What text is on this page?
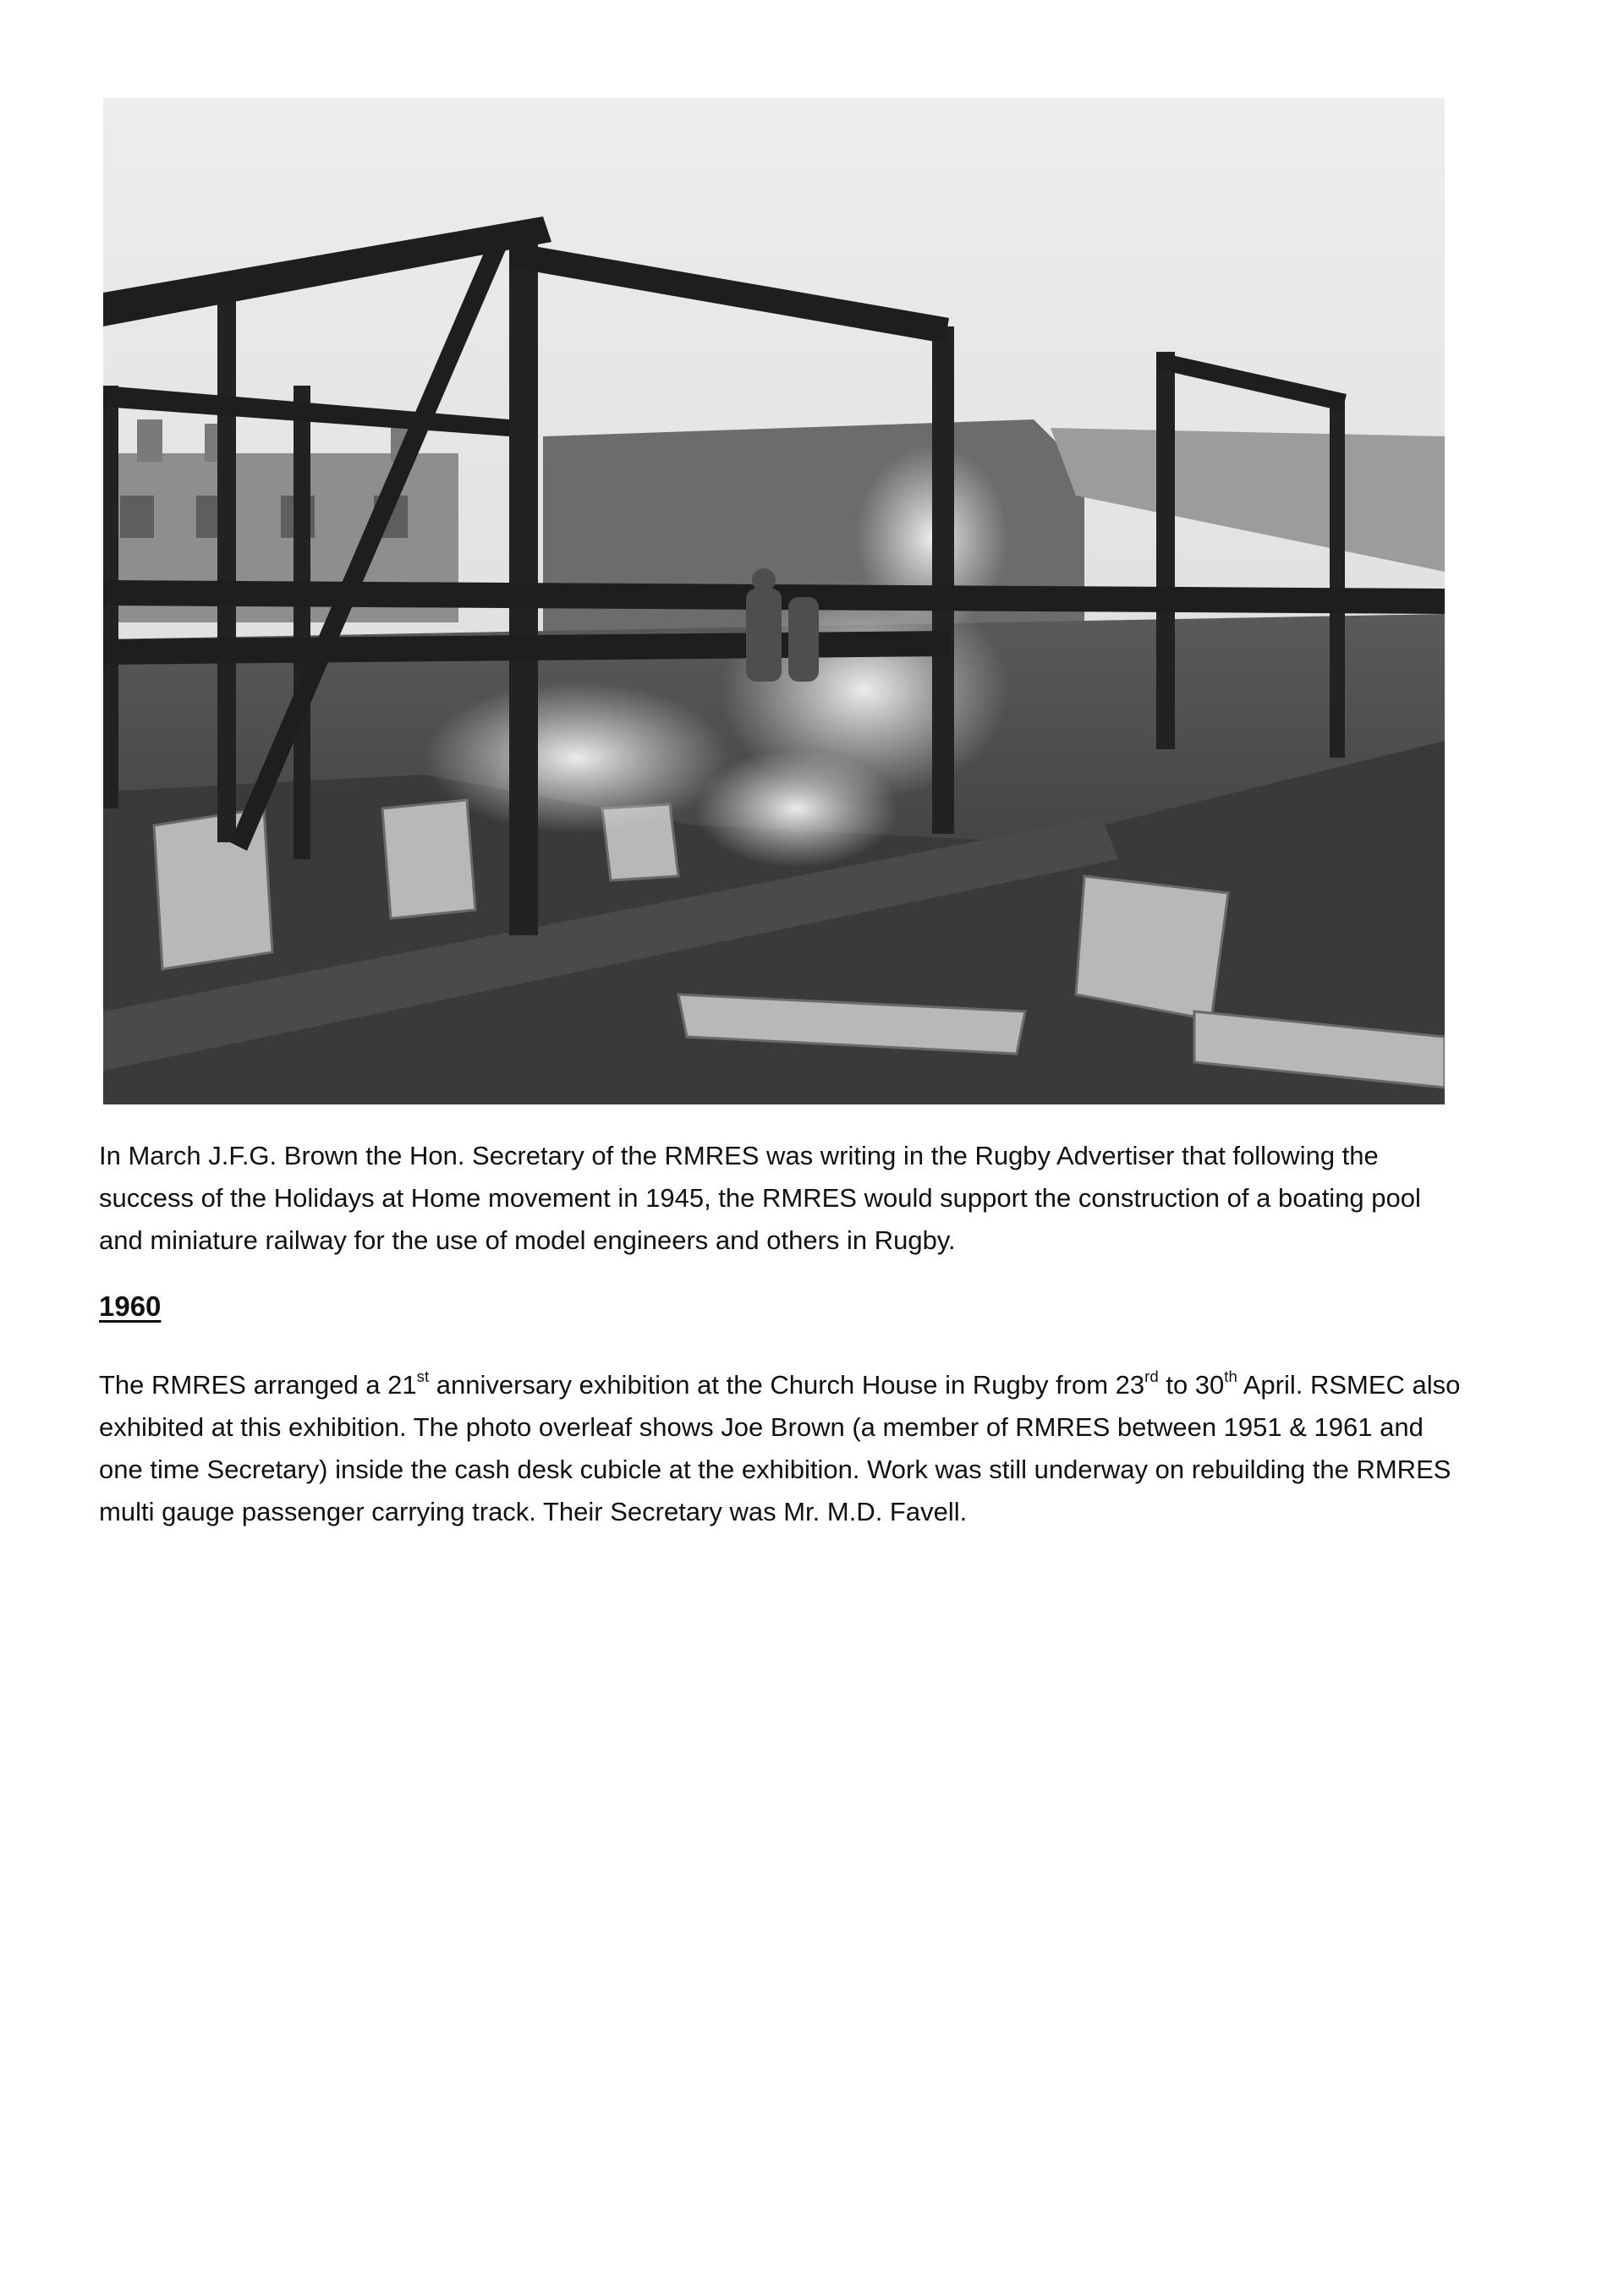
In March J.F.G. Brown the Hon. Secretary of the RMRES was writing in the Rugby Advertiser that following the
success of the Holidays at Home movement in 1945, the RMRES would support the construction of a boating pool
and miniature railway for the use of model engineers and others in Rugby.
1960
The RMRES arranged a 21st anniversary exhibition at the Church House in Rugby from 23rd to 30th April. RSMEC also
exhibited at this exhibition. The photo overleaf shows Joe Brown (a member of RMRES between 1951 & 1961 and
one time Secretary) inside the cash desk cubicle at the exhibition. Work was still underway on rebuilding the RMRES
multi gauge passenger carrying track. Their Secretary was Mr. M.D. Favell.
